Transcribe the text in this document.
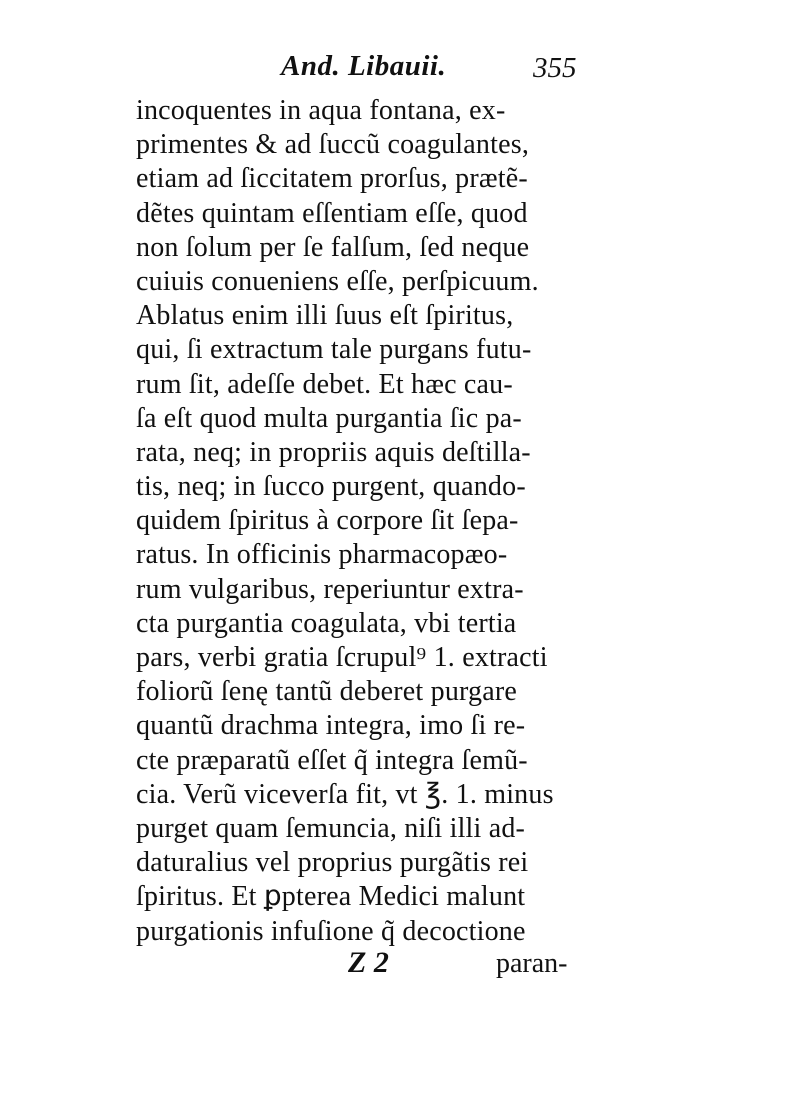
And. Libauii.	355
incoquentes in aqua fontana, ex-
primentes & ad ſuccũ coagulantes,
etiam ad ſiccitatem prorſus, prætẽ-
dẽtes quintam eſſentiam eſſe, quod
non ſolum per ſe falſum, ſed neque
cuiuis conueniens eſſe, perſpicuum.
Ablatus enim illi ſuus eſt ſpiritus,
qui, ſi extractum tale purgans futu-
rum ſit, adeſſe debet. Et hæc cau-
ſa eſt quod multa purgantia ſic pa-
rata, neq; in propriis aquis deſtilla-
tis, neq; in ſucco purgent, quando-
quidem ſpiritus à corpore ſit ſepa-
ratus. In officinis pharmacopæo-
rum vulgaribus, reperiuntur extra-
cta purgantia coagulata, vbi tertia
pars, verbi gratia ſcrupul⁹ 1. extracti
foliorũ ſenę tantũ deberet purgare
quantũ drachma integra, imo ſi re-
cte præparatũ eſſet q̃ integra ſemũ-
cia. Verũ viceverſa fit, vt ℥. 1. minus
purget quam ſemuncia, niſi illi ad-
daturalius vel proprius purgãtis rei
ſpiritus. Et ꝑpterea Medici malunt
purgationis infuſione q̃ decoctione
Z 2	paran-
